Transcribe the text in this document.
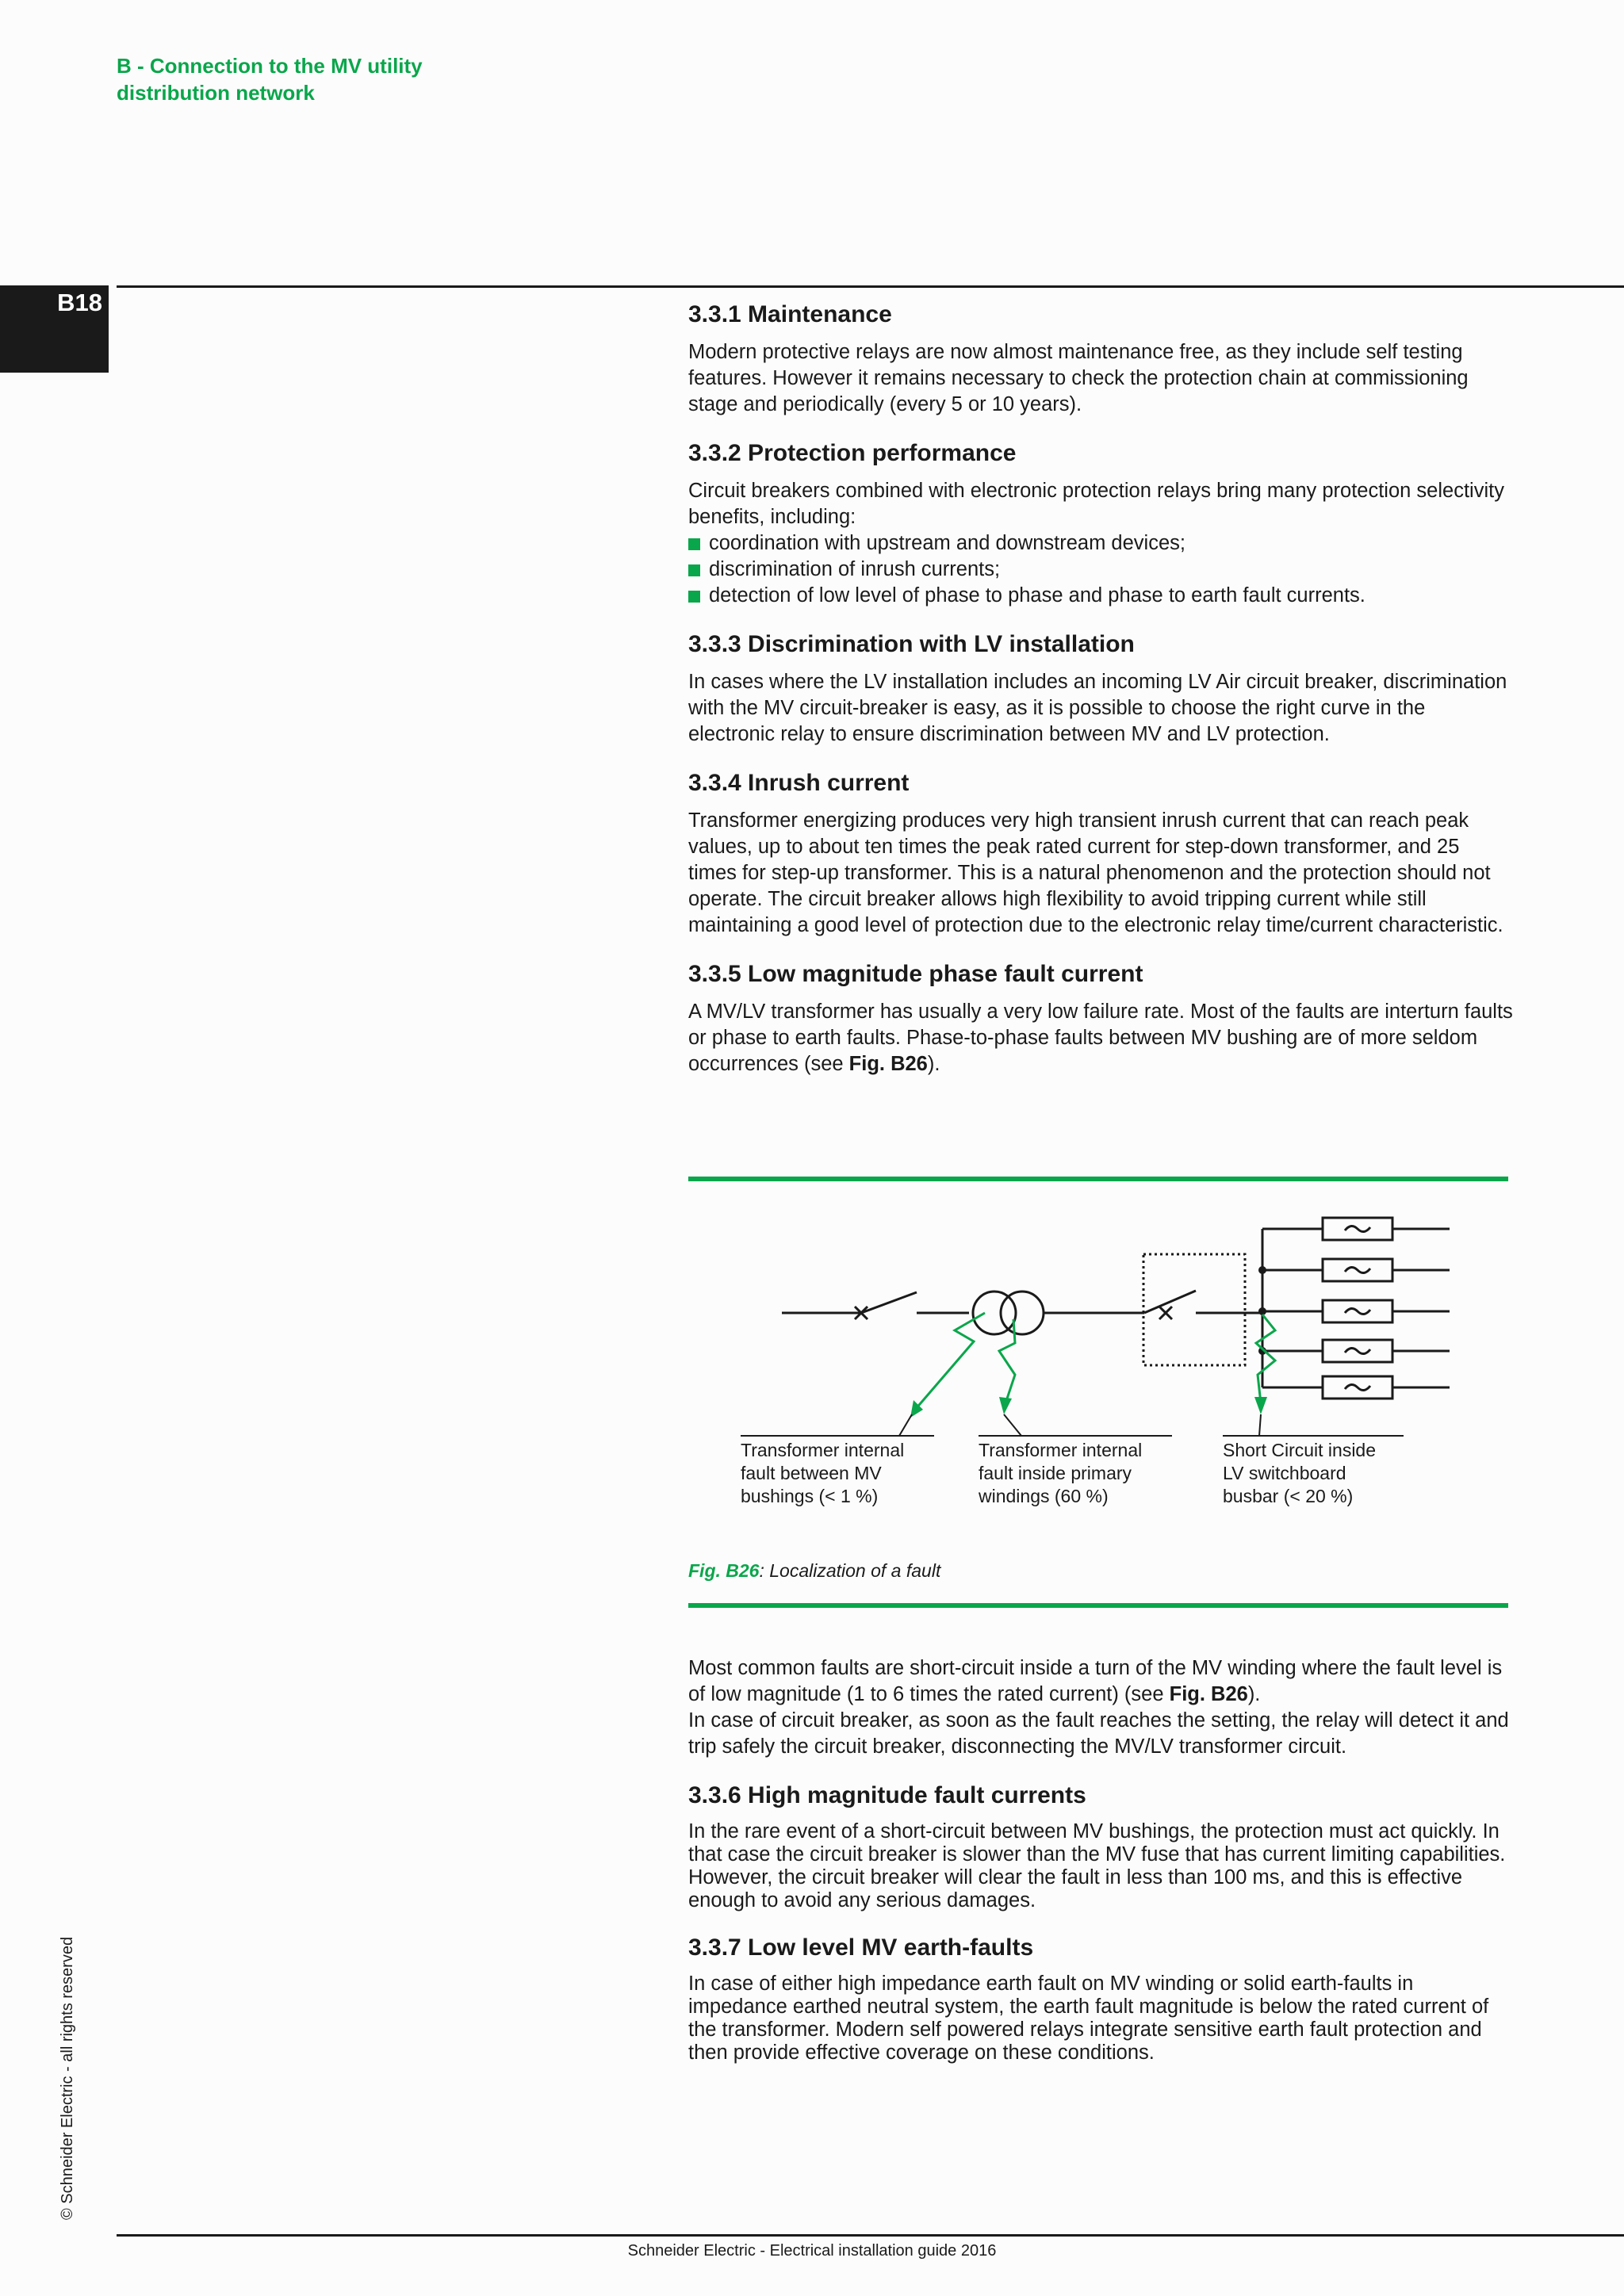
B - Connection to the MV utility
distribution network
B18
© Schneider Electric - all rights reserved
3.3.1 Maintenance

Modern protective relays are now almost maintenance free, as they include self testing features. However it remains necessary to check the protection chain at commissioning stage and periodically (every 5 or 10 years).

3.3.2 Protection performance

Circuit breakers combined with electronic protection relays bring many protection selectivity benefits, including:

coordination with upstream and downstream devices;
discrimination of inrush currents;
detection of low level of phase to phase and phase to earth fault currents.
3.3.3 Discrimination with LV installation

In cases where the LV installation includes an incoming LV Air circuit breaker, discrimination with the MV circuit-breaker is easy, as it is possible to choose the right curve in the electronic relay to ensure discrimination between MV and LV protection.

3.3.4 Inrush current

Transformer energizing produces very high transient inrush current that can reach peak values, up to about ten times the peak rated current for step-down transformer, and 25 times for step-up transformer. This is a natural phenomenon and the protection should not operate. The circuit breaker allows high flexibility to avoid tripping current while still maintaining a good level of protection due to the electronic relay time/current characteristic.

3.3.5 Low magnitude phase fault current

A MV/LV transformer has usually a very low failure rate. Most of the faults are interturn faults or phase to earth faults. Phase-to-phase faults between MV bushing are of more seldom occurrences (see Fig. B26).

Transformer internal
fault between MV
bushings (< 1 %)
Transformer internal
fault inside primary
windings (60 %)
Short Circuit inside
LV switchboard
busbar (< 20 %)
Fig. B26: Localization of a fault

Most common faults are short-circuit inside a turn of the MV winding where the fault level is of low magnitude (1 to 6 times the rated current) (see Fig. B26).

In case of circuit breaker, as soon as the fault reaches the setting, the relay will detect it and trip safely the circuit breaker, disconnecting the MV/LV transformer circuit.

3.3.6 High magnitude fault currents

In the rare event of a short-circuit between MV bushings, the protection must act quickly. In that case the circuit breaker is slower than the MV fuse that has current limiting capabilities. However, the circuit breaker will clear the fault in less than 100 ms, and this is effective enough to avoid any serious damages.

3.3.7 Low level MV earth-faults

In case of either high impedance earth fault on MV winding or solid earth-faults in impedance earthed neutral system, the earth fault magnitude is below the rated current of the transformer. Modern self powered relays integrate sensitive earth fault protection and then provide effective coverage on these conditions.

Schneider Electric - Electrical installation guide 2016
